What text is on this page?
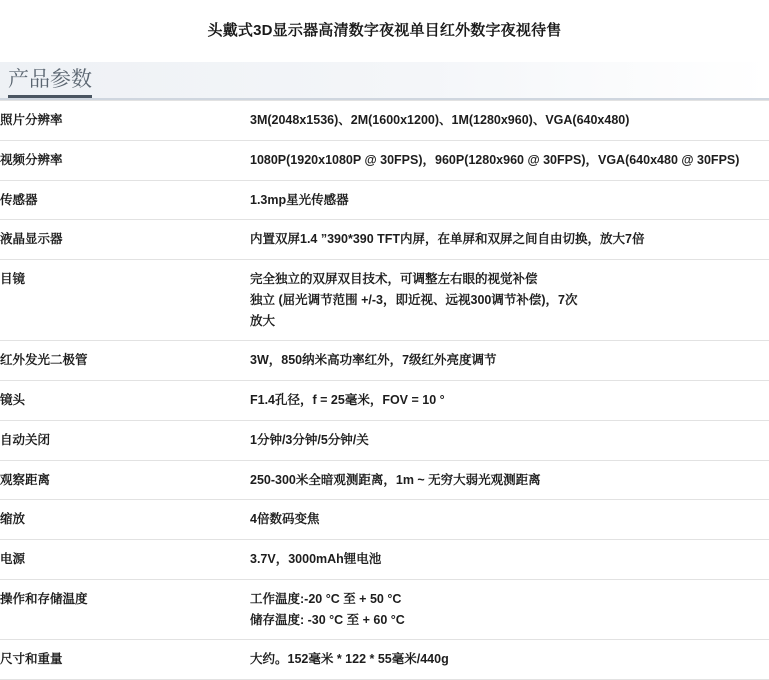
头戴式3D显示器高清数字夜视单目红外数字夜视待售
产品参数
照片分辨率	3M(2048x1536)、2M(1600x1200)、1M(1280x960)、VGA(640x480)

视频分辨率	1080P(1920x1080P @ 30FPS)，960P(1280x960 @ 30FPS)，VGA(640x480 @ 30FPS)

传感器	1.3mp星光传感器

液晶显示器	内置双屏1.4 ”390*390 TFT内屏，在单屏和双屏之间自由切换，放大7倍

目镜	完全独立的双屏双目技术，可调整左右眼的视觉补偿
独立 (屈光调节范围 +/-3，即近视、远视300调节补偿)，7次
放大

红外发光二极管	3W，850纳米高功率红外，7级红外亮度调节

镜头	F1.4孔径，f = 25毫米，FOV = 10 °

自动关闭	1分钟/3分钟/5分钟/关

观察距离	250-300米全暗观测距离，1m ~ 无穷大弱光观测距离

缩放	4倍数码变焦

电源	3.7V，3000mAh锂电池

操作和存储温度	工作温度:-20 °C 至 + 50 °C
储存温度: -30 °C 至 + 60 °C

尺寸和重量	大约。152毫米 * 122 * 55毫米/440g
